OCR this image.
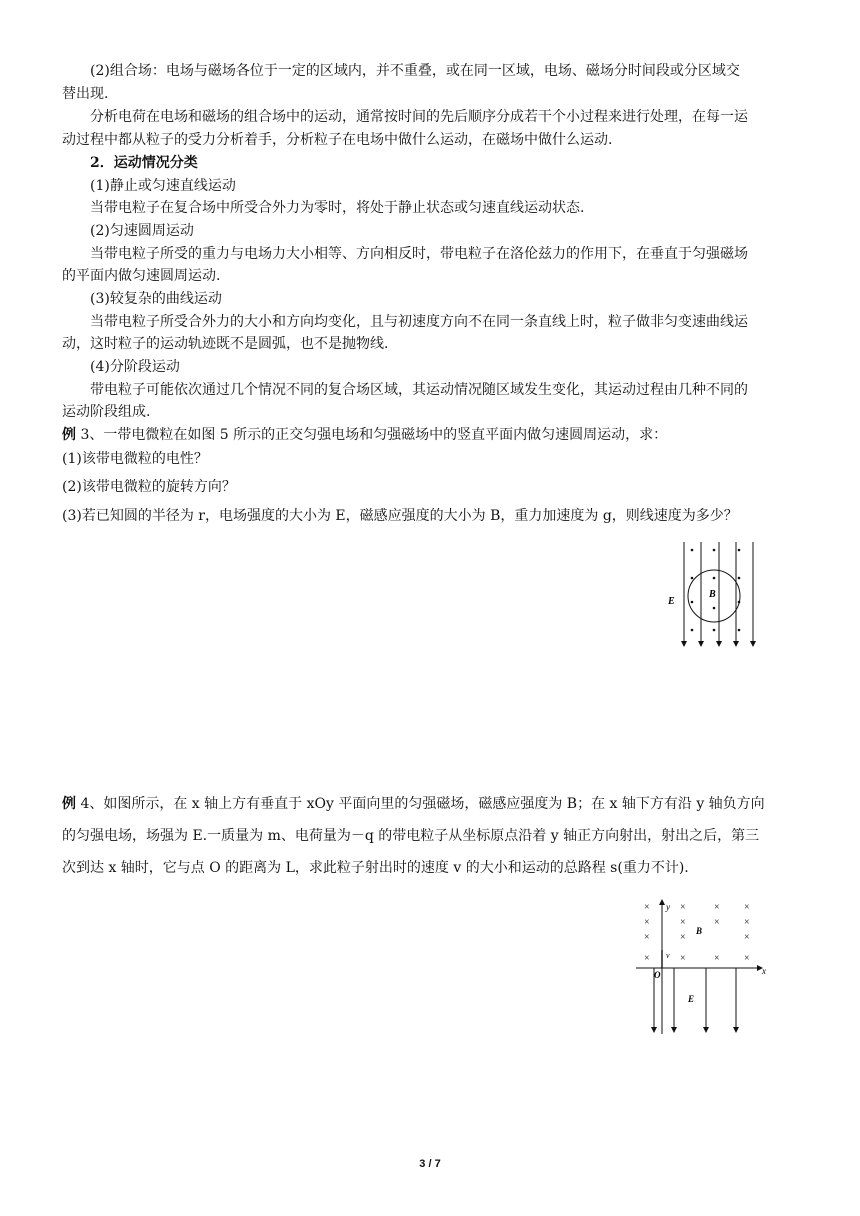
(2)组合场：电场与磁场各位于一定的区域内，并不重叠，或在同一区域，电场、磁场分时间段或分区域交
替出现.
分析电荷在电场和磁场的组合场中的运动，通常按时间的先后顺序分成若干个小过程来进行处理，在每一运
动过程中都从粒子的受力分析着手，分析粒子在电场中做什么运动，在磁场中做什么运动.
2．运动情况分类
(1)静止或匀速直线运动
当带电粒子在复合场中所受合外力为零时，将处于静止状态或匀速直线运动状态.
(2)匀速圆周运动
当带电粒子所受的重力与电场力大小相等、方向相反时，带电粒子在洛伦兹力的作用下，在垂直于匀强磁场
的平面内做匀速圆周运动.
(3)较复杂的曲线运动
当带电粒子所受合外力的大小和方向均变化，且与初速度方向不在同一条直线上时，粒子做非匀变速曲线运
动，这时粒子的运动轨迹既不是圆弧，也不是抛物线.
(4)分阶段运动
带电粒子可能依次通过几个情况不同的复合场区域，其运动情况随区域发生变化，其运动过程由几种不同的
运动阶段组成.
例 3、一带电微粒在如图 5 所示的正交匀强电场和匀强磁场中的竖直平面内做匀速圆周运动，求：
(1)该带电微粒的电性？
(2)该带电微粒的旋转方向？
(3)若已知圆的半径为 r，电场强度的大小为 E，磁感应强度的大小为 B，重力加速度为 g，则线速度为多少？
E
B
例 4、如图所示，在 x 轴上方有垂直于 xOy 平面向里的匀强磁场，磁感应强度为 B；在 x 轴下方有沿 y 轴负方向
的匀强电场，场强为 E.一质量为 m、电荷量为－q 的带电粒子从坐标原点沿着 y 轴正方向射出，射出之后，第三
次到达 x 轴时，它与点 O 的距离为 L，求此粒子射出时的速度 v 的大小和运动的总路程 s(重力不计).
×	×	× ×
×	×	× ×
×	×	×
×	×	× ×
y
x
O
v
B
E
3 / 7
